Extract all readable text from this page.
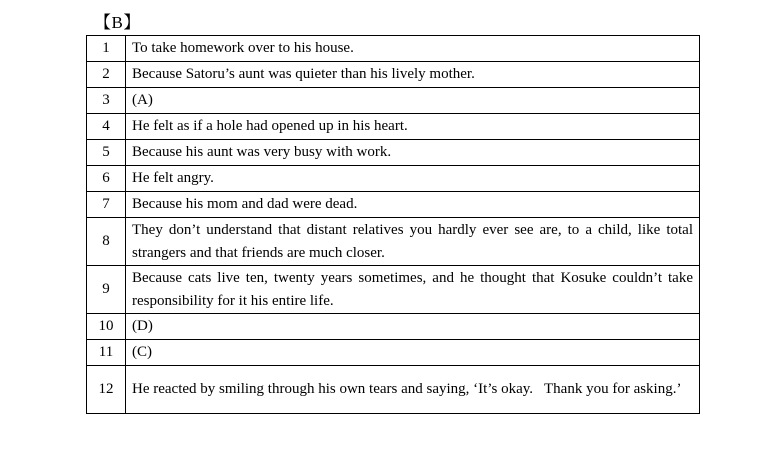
【B】
1	To take homework over to his house.
2	Because Satoru’s aunt was quieter than his lively mother.
3	(A)
4	He felt as if a hole had opened up in his heart.
5	Because his aunt was very busy with work.
6	He felt angry.
7	Because his mom and dad were dead.
8	They don’t understand that distant relatives you hardly ever see are, to a child, like total strangers and that friends are much closer.
9	Because cats live ten, twenty years sometimes, and he thought that Kosuke couldn’t take responsibility for it his entire life.
10	(D)
11	(C)
12	He reacted by smiling through his own tears and saying, ‘It’s okay.   Thank you for asking.’
